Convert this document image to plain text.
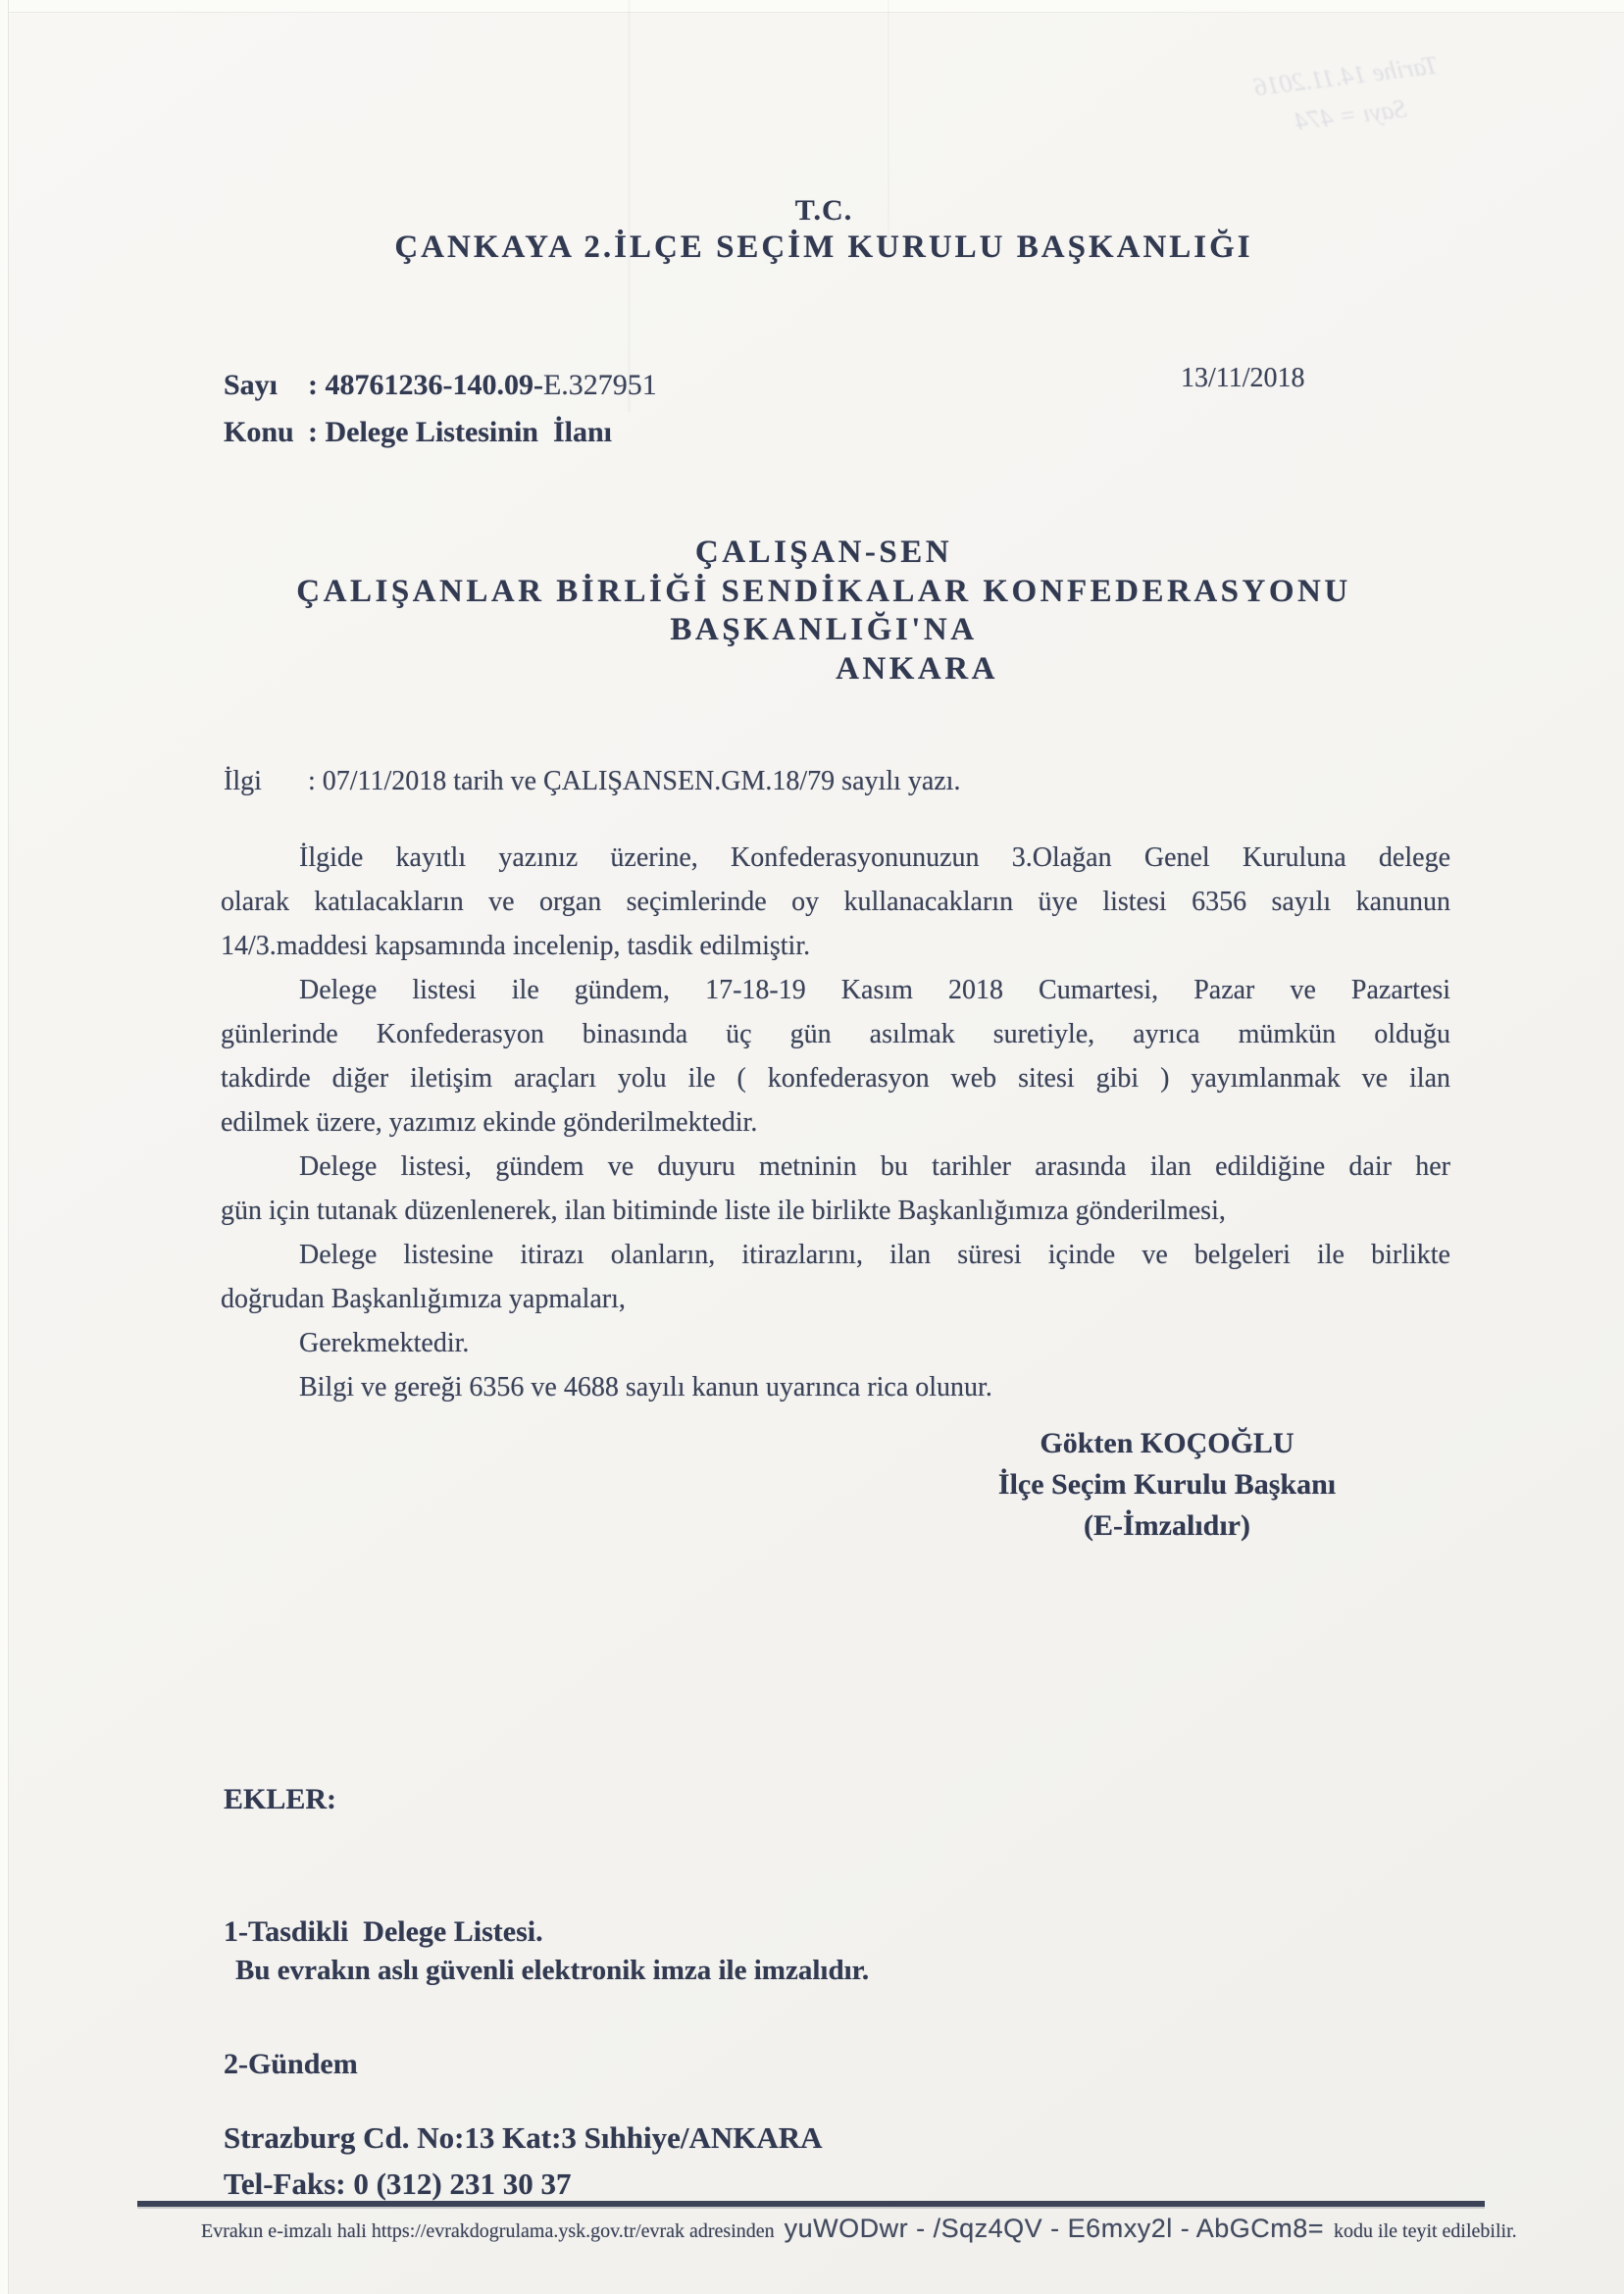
Tarihe 14.11.2016
Sayı = 474
T.C.
ÇANKAYA 2.İLÇE SEÇİM KURULU BAŞKANLIĞI
Sayı	: 48761236-140.09-E.327951	13/11/2018
Konu : Delege Listesinin  İlanı
ÇALIŞAN-SEN
ÇALIŞANLAR BİRLİĞİ SENDİKALAR KONFEDERASYONU
BAŞKANLIĞI'NA
ANKARA
İlgi	: 07/11/2018 tarih ve ÇALIŞANSEN.GM.18/79 sayılı yazı.
İlgide kayıtlı yazınız üzerine, Konfederasyonunuzun 3.Olağan Genel Kuruluna delege
olarak katılacakların ve organ seçimlerinde oy kullanacakların üye listesi 6356 sayılı kanunun
14/3.maddesi kapsamında incelenip, tasdik edilmiştir.
Delege listesi ile gündem, 17-18-19 Kasım 2018 Cumartesi, Pazar ve Pazartesi
günlerinde Konfederasyon binasında üç gün asılmak suretiyle, ayrıca mümkün olduğu
takdirde diğer iletişim araçları yolu ile ( konfederasyon web sitesi gibi ) yayımlanmak ve ilan
edilmek üzere, yazımız ekinde gönderilmektedir.
Delege listesi, gündem ve duyuru metninin bu tarihler arasında ilan edildiğine dair her
gün için tutanak düzenlenerek, ilan bitiminde liste ile birlikte Başkanlığımıza gönderilmesi,
Delege listesine itirazı olanların, itirazlarını, ilan süresi içinde ve belgeleri ile birlikte
doğrudan Başkanlığımıza yapmaları,
Gerekmektedir.
Bilgi ve gereği 6356 ve 4688 sayılı kanun uyarınca rica olunur.
Gökten KOÇOĞLU
İlçe Seçim Kurulu Başkanı
(E-İmzalıdır)

EKLER:

1-Tasdikli  Delege Listesi.

2-Gündem

Bu evrakın aslı güvenli elektronik imza ile imzalıdır.
Strazburg Cd. No:13 Kat:3 Sıhhiye/ANKARA
Tel-Faks: 0 (312) 231 30 37
Evrakın e-imzalı hali https://evrakdogrulama.ysk.gov.tr/evrak adresinden yuWODwr - /Sqz4QV - E6mxy2l - AbGCm8= kodu ile teyit edilebilir.
